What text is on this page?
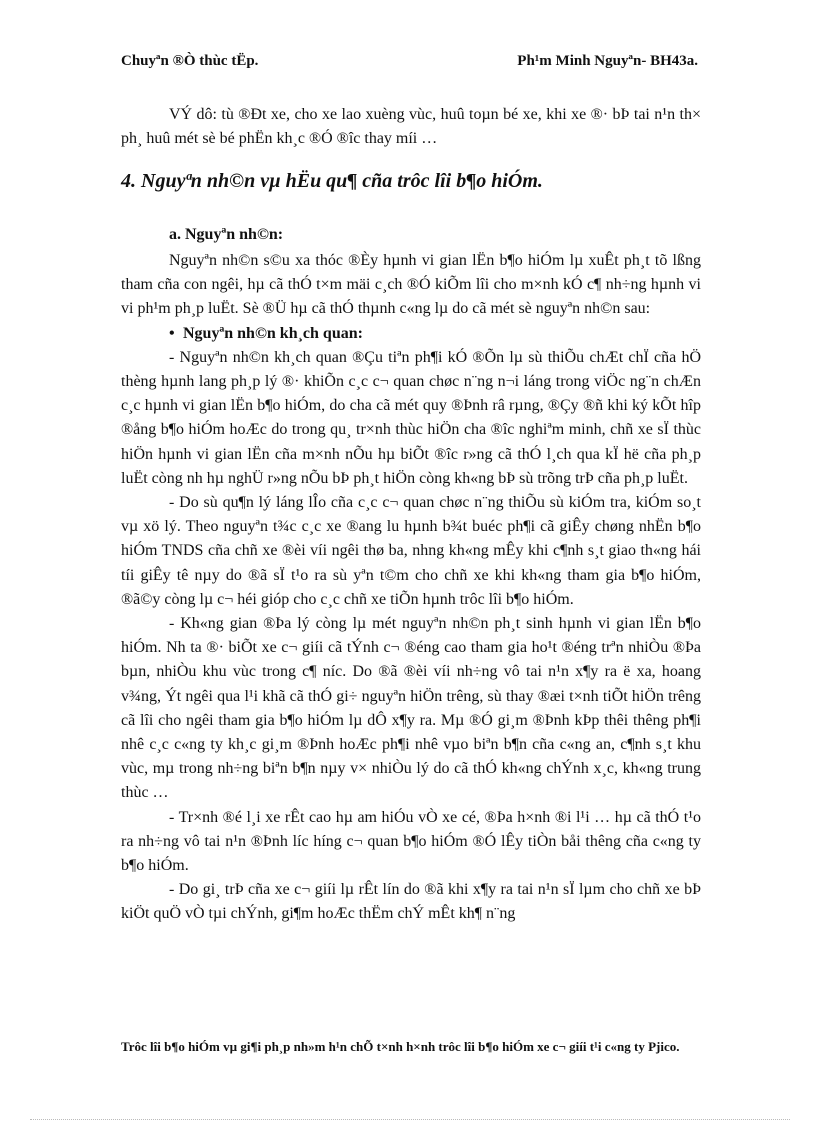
Chuyªn ®Ò thùc tËp.	Ph¹m Minh Nguyªn- BH43a.

VÝ dô: tù ®Ðt xe, cho xe lao xuèng vùc, huû toµn bé xe, khi xe ®· bÞ tai n¹n th× ph¸ huû mét sè bé phËn kh¸c ®Ó ®îc thay míi …

4. Nguyªn nh©n vµ hËu qu¶ cña trôc lîi b¶o hiÓm.

a. Nguyªn nh©n:

Nguyªn nh©n s©u xa thóc ®Èy hµnh vi gian lËn b¶o hiÓm lµ xuÊt ph¸t tõ lßng tham cña con ngêi, hµ cã thÓ t×m mäi c¸ch ®Ó kiÕm lîi cho m×nh kÓ c¶ nh÷ng hµnh vi vi ph¹m ph¸p luËt. Sè ®Ü hµ cã thÓ thµnh c«ng lµ do cã mét sè nguyªn nh©n sau:

• Nguyªn nh©n kh¸ch quan:

- Nguyªn nh©n kh¸ch quan ®Çu tiªn ph¶i kÓ ®Õn lµ sù thiÕu chÆt chÏ cña hÖ thèng hµnh lang ph¸p lý ®· khiÕn c¸c c¬ quan chøc n¨ng n¬i láng trong viÖc ng¨n chÆn c¸c hµnh vi gian lËn b¶o hiÓm, do cha cã mét quy ®Þnh râ rµng, ®Çy ®ñ khi ký kÕt hîp ®ång b¶o hiÓm hoÆc do trong qu¸ tr×nh thùc hiÖn cha ®îc nghiªm minh, chñ xe sÏ thùc hiÖn hµnh vi gian lËn cña m×nh nÕu hµ biÕt ®îc r»ng cã thÓ l¸ch qua kÏ hë cña ph¸p luËt còng nh hµ nghÜ r»ng nÕu bÞ ph¸t hiÖn còng kh«ng bÞ sù trõng trÞ cña ph¸p luËt.

- Do sù qu¶n lý láng lÎo cña c¸c c¬ quan chøc n¨ng thiÕu sù kiÓm tra, kiÓm so¸t vµ xö lý. Theo nguyªn t¾c c¸c xe ®ang lu hµnh b¾t buéc ph¶i cã giÊy chøng nhËn b¶o hiÓm TNDS cña chñ xe ®èi víi ngêi thø ba, nhng kh«ng mÊy khi c¶nh s¸t giao th«ng hái tíi giÊy tê nµy do ®ã sÏ t¹o ra sù yªn t©m cho chñ xe khi kh«ng tham gia b¶o hiÓm, ®ã©y còng lµ c¬ héi gióp cho c¸c chñ xe tiÕn hµnh trôc lîi b¶o hiÓm.

- Kh«ng gian ®Þa lý còng lµ mét nguyªn nh©n ph¸t sinh hµnh vi gian lËn b¶o hiÓm. Nh ta ®· biÕt xe c¬ giíi cã tÝnh c¬ ®éng cao tham gia ho¹t ®éng trªn nhiÒu ®Þa bµn, nhiÒu khu vùc trong c¶ níc. Do ®ã ®èi víi nh÷ng vô tai n¹n x¶y ra ë xa, hoang v¾ng, Ýt ngêi qua l¹i khã cã thÓ gi÷ nguyªn hiÖn trêng, sù thay ®æi t×nh tiÕt hiÖn trêng cã lîi cho ngêi tham gia b¶o hiÓm lµ dÔ x¶y ra. Mµ ®Ó gi¸m ®Þnh kÞp thêi thêng ph¶i nhê c¸c c«ng ty kh¸c gi¸m ®Þnh hoÆc ph¶i nhê vµo biªn b¶n cña c«ng an, c¶nh s¸t khu vùc, mµ trong nh÷ng biªn b¶n nµy v× nhiÒu lý do cã thÓ kh«ng chÝnh x¸c, kh«ng trung thùc …

- Tr×nh ®é l¸i xe rÊt cao hµ am hiÓu vÒ xe cé, ®Þa h×nh ®i l¹i … hµ cã thÓ t¹o ra nh÷ng vô tai n¹n ®Þnh líc híng c¬ quan b¶o hiÓm ®Ó lÊy tiÒn båi thêng cña c«ng ty b¶o hiÓm.

- Do gi¸ trÞ cña xe c¬ giíi lµ rÊt lín do ®ã khi x¶y ra tai n¹n sÏ lµm cho chñ xe bÞ kiÖt quÖ vÒ tµi chÝnh, gi¶m hoÆc thËm chÝ mÊt kh¶ n¨ng

Trôc lîi b¶o hiÓm vµ gi¶i ph¸p nh»m h¹n chÕ t×nh h×nh trôc lîi b¶o hiÓm xe c¬ giíi t¹i c«ng ty Pjico.
